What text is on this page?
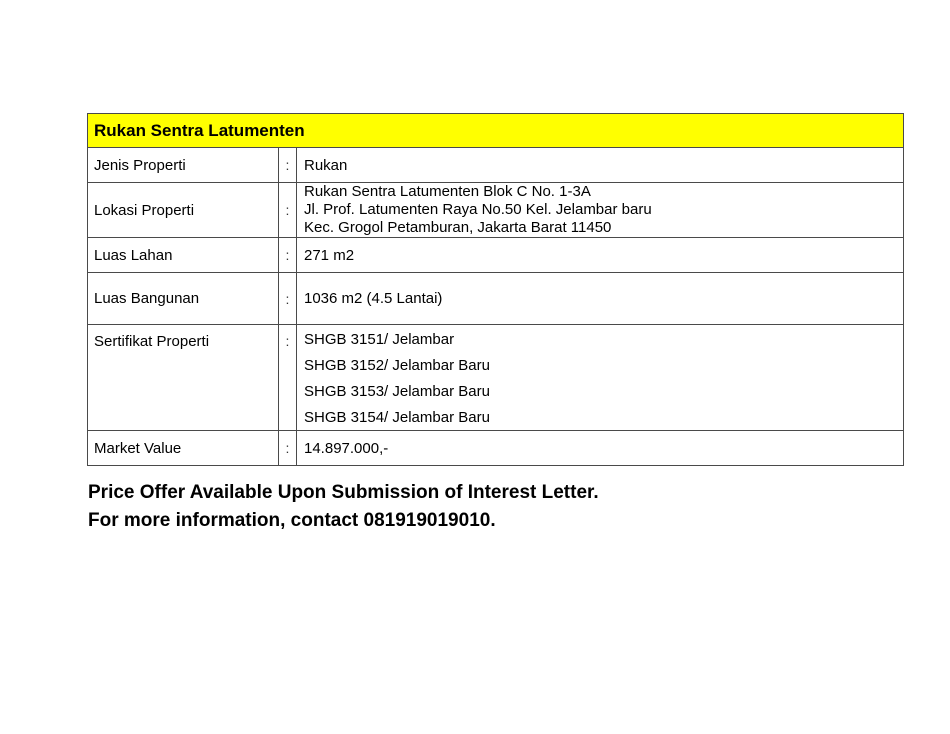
Rukan Sentra Latumenten
Jenis Properti	: Rukan
Lokasi Properti	:
Rukan Sentra Latumenten Blok C No. 1-3A
Jl. Prof. Latumenten Raya No.50 Kel. Jelambar baru
Kec. Grogol Petamburan, Jakarta Barat 11450
Luas Lahan	: 271 m2
Luas Bangunan	: 1036 m2 (4.5 Lantai)
Sertifikat Properti	: SHGB 3151/ Jelambar
SHGB 3152/ Jelambar Baru
SHGB 3153/ Jelambar Baru
SHGB 3154/ Jelambar Baru
Market Value	: 14.897.000,-
Price Offer Available Upon Submission of Interest Letter.
For more information, contact 081919019010.
